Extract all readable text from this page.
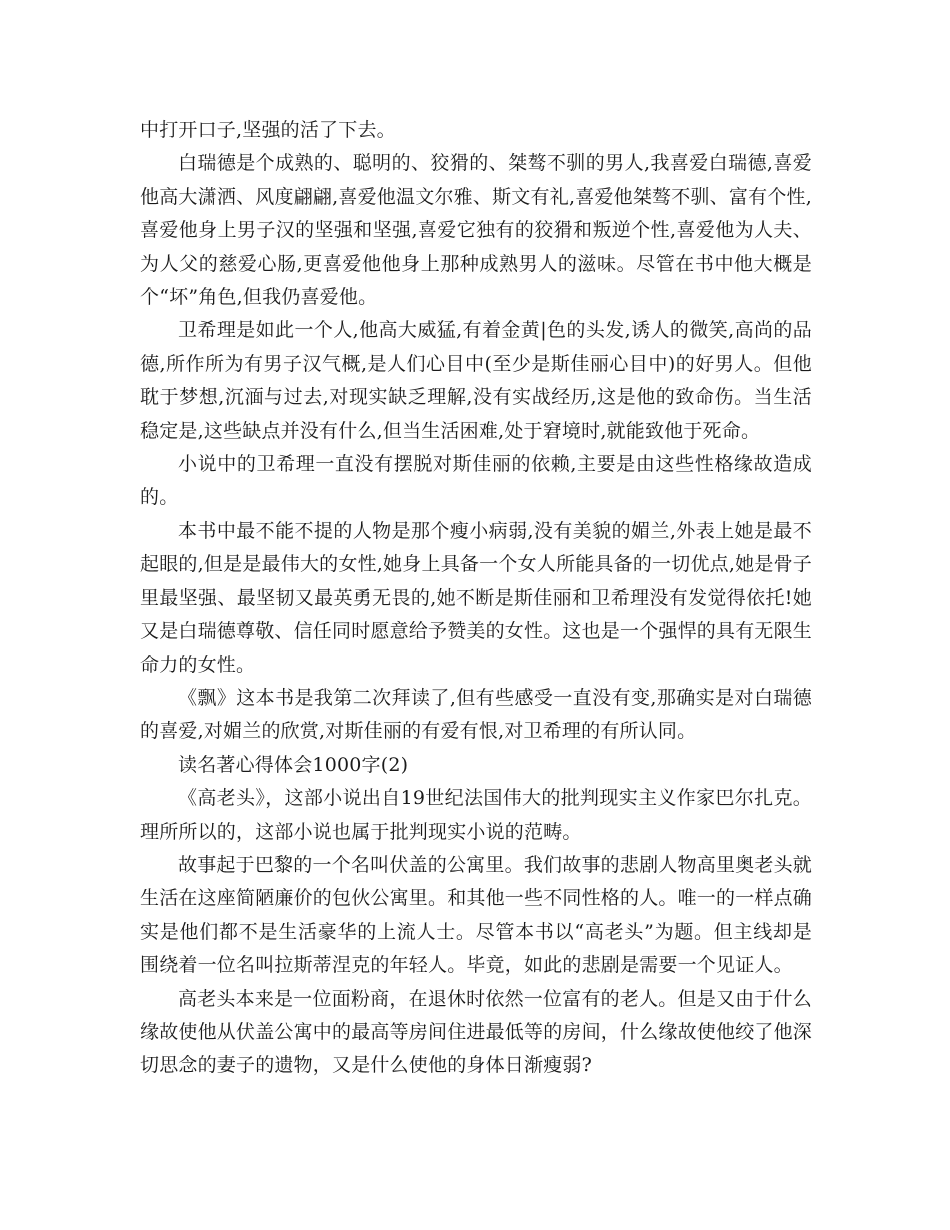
中打开口子,坚强的活了下去。

白瑞德是个成熟的、聪明的、狡猾的、桀骜不驯的男人,我喜爱白瑞德,喜爱他高大潇洒、风度翩翩,喜爱他温文尔雅、斯文有礼,喜爱他桀骜不驯、富有个性,喜爱他身上男子汉的坚强和坚强,喜爱它独有的狡猾和叛逆个性,喜爱他为人夫、为人父的慈爱心肠,更喜爱他他身上那种成熟男人的滋味。尽管在书中他大概是个“坏”角色,但我仍喜爱他。

卫希理是如此一个人,他高大威猛,有着金黄|色的头发,诱人的微笑,高尚的品德,所作所为有男子汉气概,是人们心目中(至少是斯佳丽心目中)的好男人。但他耽于梦想,沉湎与过去,对现实缺乏理解,没有实战经历,这是他的致命伤。当生活稳定是,这些缺点并没有什么,但当生活困难,处于窘境时,就能致他于死命。

小说中的卫希理一直没有摆脱对斯佳丽的依赖,主要是由这些性格缘故造成的。

本书中最不能不提的人物是那个瘦小病弱,没有美貌的媚兰,外表上她是最不起眼的,但是是最伟大的女性,她身上具备一个女人所能具备的一切优点,她是骨子里最坚强、最坚韧又最英勇无畏的,她不断是斯佳丽和卫希理没有发觉得依托!她又是白瑞德尊敬、信任同时愿意给予赞美的女性。这也是一个强悍的具有无限生命力的女性。

《飘》这本书是我第二次拜读了,但有些感受一直没有变,那确实是对白瑞德的喜爱,对媚兰的欣赏,对斯佳丽的有爱有恨,对卫希理的有所认同。

读名著心得体会1000字(2)

《高老头》，这部小说出自19世纪法国伟大的批判现实主义作家巴尔扎克。理所所以的，这部小说也属于批判现实小说的范畴。

故事起于巴黎的一个名叫伏盖的公寓里。我们故事的悲剧人物高里奥老头就生活在这座简陋廉价的包伙公寓里。和其他一些不同性格的人。唯一的一样点确实是他们都不是生活豪华的上流人士。尽管本书以“高老头”为题。但主线却是围绕着一位名叫拉斯蒂涅克的年轻人。毕竟，如此的悲剧是需要一个见证人。

高老头本来是一位面粉商，在退休时依然一位富有的老人。但是又由于什么缘故使他从伏盖公寓中的最高等房间住进最低等的房间，什么缘故使他绞了他深切思念的妻子的遗物，又是什么使他的身体日渐瘦弱?
